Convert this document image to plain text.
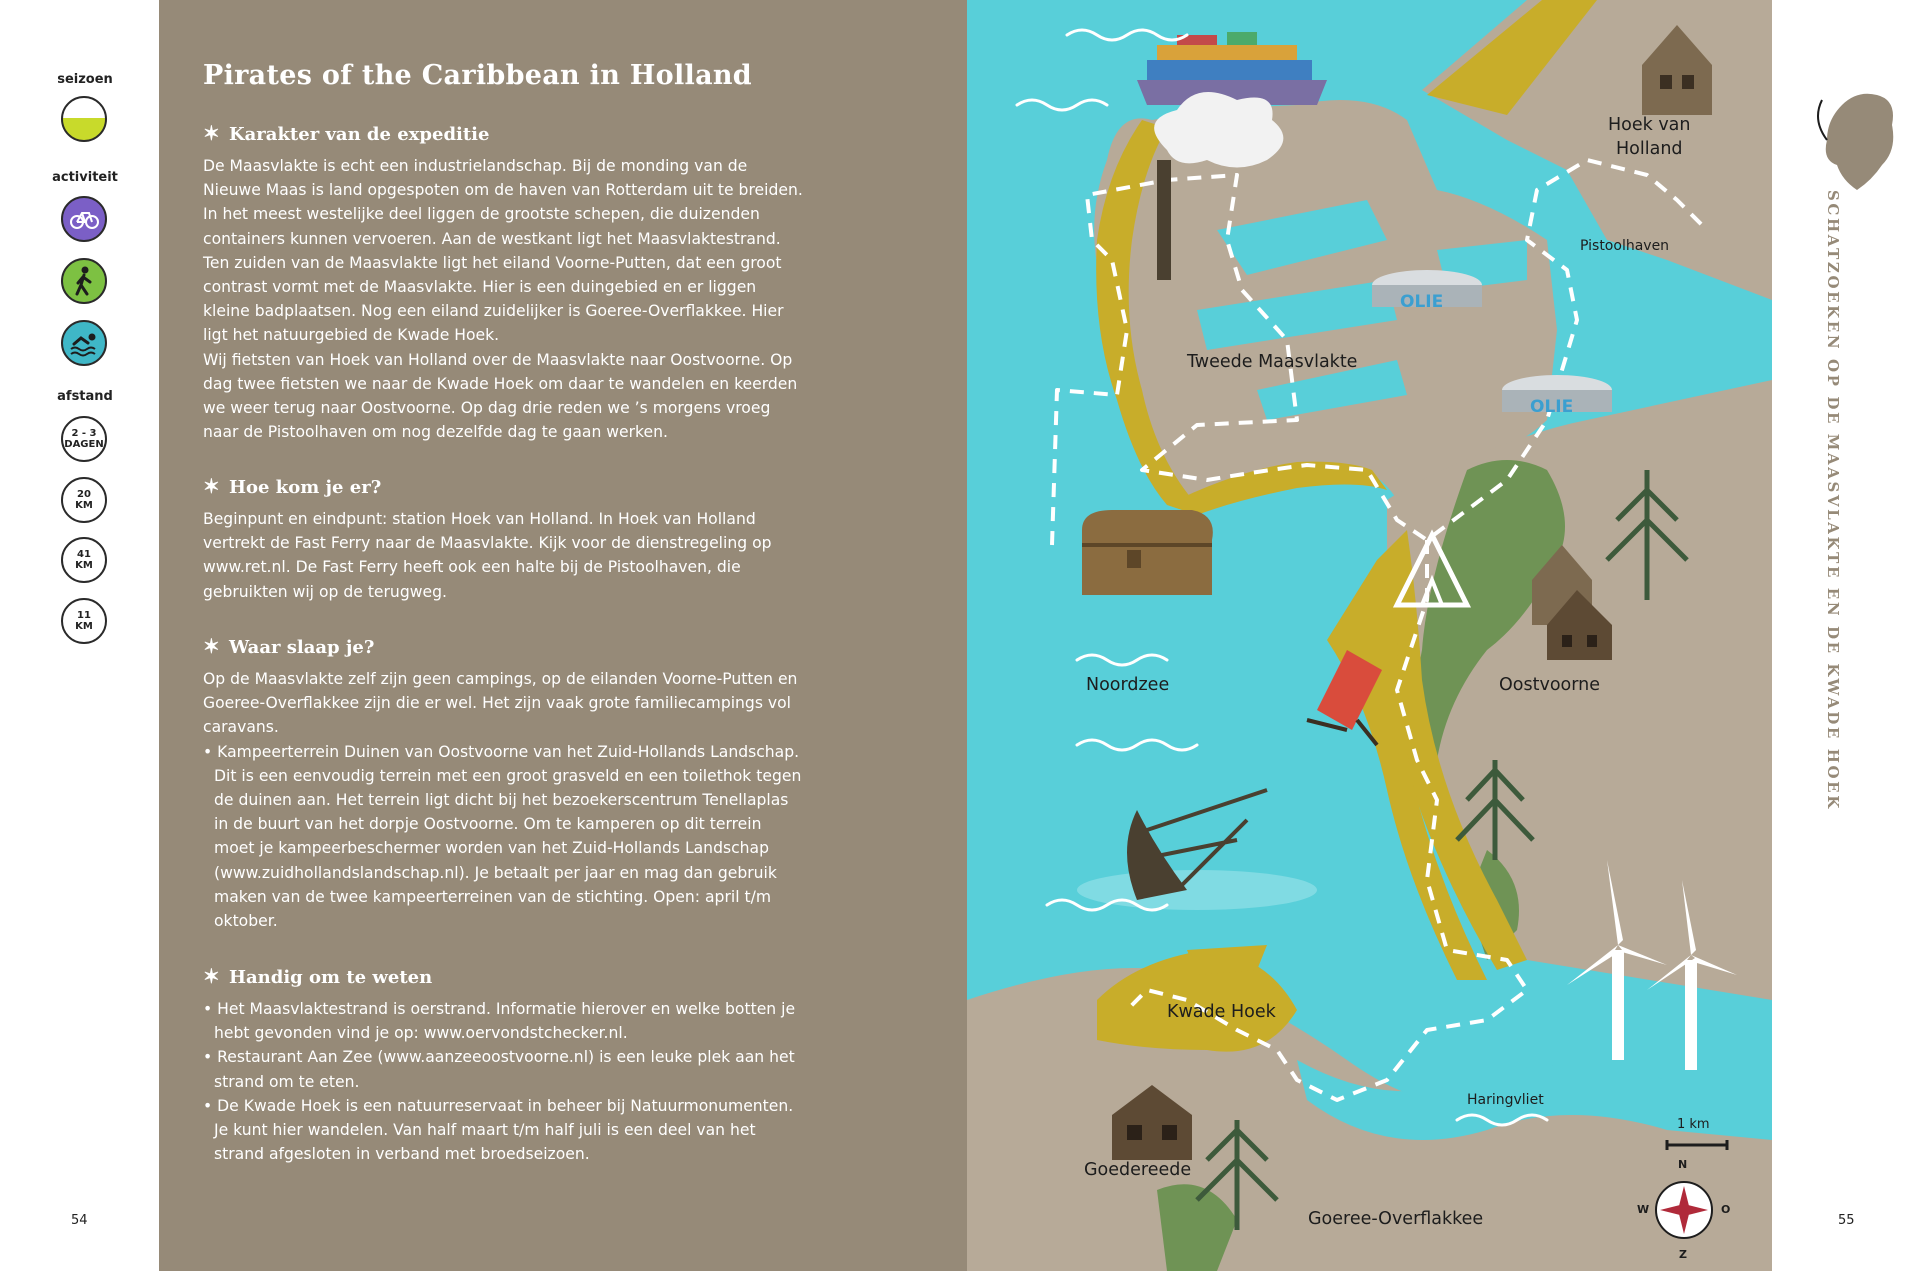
seizoen
activiteit
afstand
2 - 3
DAGEN
20
KM
41
KM
11
KM
54
Pirates of the Caribbean in Holland
✶ Karakter van de expeditie

De Maasvlakte is echt een industrielandschap. Bij de monding van de Nieuwe Maas is land opgespoten om de haven van Rotterdam uit te breiden. In het meest westelijke deel liggen de grootste schepen, die duizenden containers kunnen vervoeren. Aan de westkant ligt het Maasvlaktestrand. Ten zuiden van de Maasvlakte ligt het eiland Voorne-Putten, dat een groot contrast vormt met de Maasvlakte. Hier is een duingebied en er liggen kleine badplaatsen. Nog een eiland zuidelijker is Goeree-Overflakkee. Hier ligt het natuurgebied de Kwade Hoek.

Wij fietsten van Hoek van Holland over de Maasvlakte naar Oostvoorne. Op dag twee fietsten we naar de Kwade Hoek om daar te wandelen en keerden we weer terug naar Oostvoorne. Op dag drie reden we ’s morgens vroeg naar de Pistoolhaven om nog dezelfde dag te gaan werken.

✶ Hoe kom je er?

Beginpunt en eindpunt: station Hoek van Holland. In Hoek van Holland vertrekt de Fast Ferry naar de Maasvlakte. Kijk voor de dienstregeling op www.ret.nl. De Fast Ferry heeft ook een halte bij de Pistoolhaven, die gebruikten wij op de terugweg.

✶ Waar slaap je?

Op de Maasvlakte zelf zijn geen campings, op de eilanden Voorne-Putten en Goeree-Overflakkee zijn die er wel. Het zijn vaak grote familiecampings vol caravans.

• Kampeerterrein Duinen van Oostvoorne van het Zuid-Hollands Landschap. Dit is een eenvoudig terrein met een groot grasveld en een toilethok tegen de duinen aan. Het terrein ligt dicht bij het bezoekerscentrum Tenellaplas in de buurt van het dorpje Oostvoorne. Om te kamperen op dit terrein moet je kampeerbeschermer worden van het Zuid-Hollands Landschap (www.zuidhollandslandschap.nl). Je betaalt per jaar en mag dan gebruik maken van de twee kampeerterreinen van de stichting. Open: april t/m oktober.

✶ Handig om te weten

• Het Maasvlaktestrand is oerstrand. Informatie hierover en welke botten je hebt gevonden vind je op: www.oervondstchecker.nl.

• Restaurant Aan Zee (www.aanzeeoostvoorne.nl) is een leuke plek aan het strand om te eten.

• De Kwade Hoek is een natuurreservaat in beheer bij Natuurmonumenten. Je kunt hier wandelen. Van half maart t/m half juli is een deel van het strand afgesloten in verband met broedseizoen.

Hoek van
Holland
Pistoolhaven
Tweede Maasvlakte
Noordzee	Oostvoorne
Kwade Hoek
Haringvliet
Goedereede
Goeree-Overflakkee
OLIE
OLIE
1 km
N
Z
W	O
55
SCHATZOEKEN OP DE MAASVLAKTE EN DE KWADE HOEK
